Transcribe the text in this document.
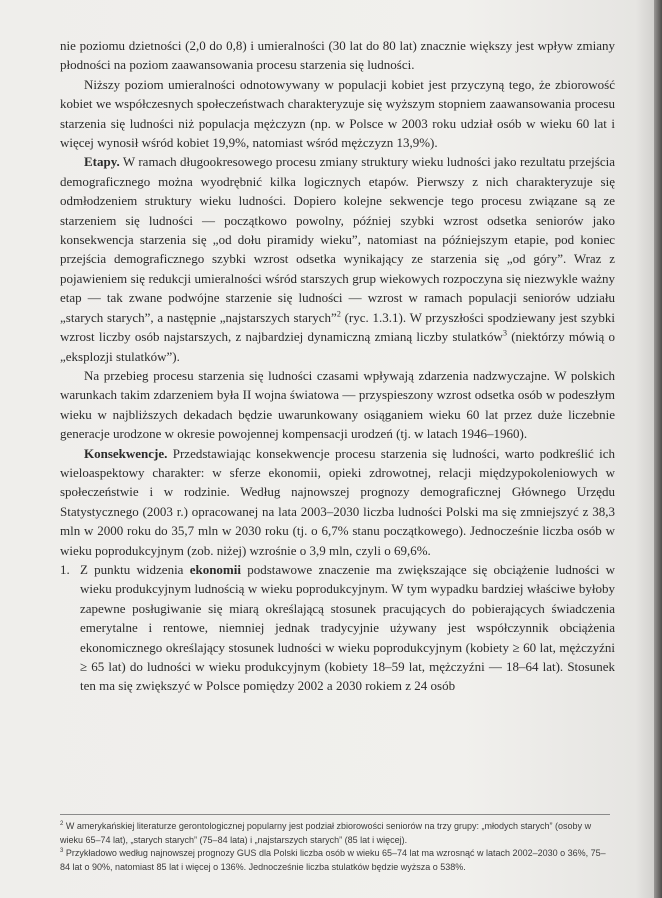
nie poziomu dzietności (2,0 do 0,8) i umieralności (30 lat do 80 lat) znacznie większy jest wpływ zmiany płodności na poziom zaawansowania procesu starzenia się ludności.

Niższy poziom umieralności odnotowywany w populacji kobiet jest przyczyną tego, że zbiorowość kobiet we współczesnych społeczeństwach charakteryzuje się wyższym stopniem zaawansowania procesu starzenia się ludności niż populacja mężczyzn (np. w Polsce w 2003 roku udział osób w wieku 60 lat i więcej wynosił wśród kobiet 19,9%, natomiast wśród mężczyzn 13,9%).

Etapy. W ramach długookresowego procesu zmiany struktury wieku ludności jako rezultatu przejścia demograficznego można wyodrębnić kilka logicznych etapów. Pierwszy z nich charakteryzuje się odmłodzeniem struktury wieku ludności. Dopiero kolejne sekwencje tego procesu związane są ze starzeniem się ludności — początkowo powolny, później szybki wzrost odsetka seniorów jako konsekwencja starzenia się „od dołu piramidy wieku”, natomiast na późniejszym etapie, pod koniec przejścia demograficznego szybki wzrost odsetka wynikający ze starzenia się „od góry”. Wraz z pojawieniem się redukcji umieralności wśród starszych grup wiekowych rozpoczyna się niezwykle ważny etap — tak zwane podwójne starzenie się ludności — wzrost w ramach populacji seniorów udziału „starych starych”, a następnie „najstarszych starych”$^2$ (ryc. 1.3.1). W przyszłości spodziewany jest szybki wzrost liczby osób najstarszych, z najbardziej dynamiczną zmianą liczby stulatków$^3$ (niektórzy mówią o „eksplozji stulatków”).

Na przebieg procesu starzenia się ludności czasami wpływają zdarzenia nadzwyczajne. W polskich warunkach takim zdarzeniem była II wojna światowa — przyspieszony wzrost odsetka osób w podeszłym wieku w najbliższych dekadach będzie uwarunkowany osiąganiem wieku 60 lat przez duże liczebnie generacje urodzone w okresie powojennej kompensacji urodzeń (tj. w latach 1946–1960).

Konsekwencje. Przedstawiając konsekwencje procesu starzenia się ludności, warto podkreślić ich wieloaspektowy charakter: w sferze ekonomii, opieki zdrowotnej, relacji międzypokoleniowych w społeczeństwie i w rodzinie. Według najnowszej prognozy demograficznej Głównego Urzędu Statystycznego (2003 r.) opracowanej na lata 2003–2030 liczba ludności Polski ma się zmniejszyć z 38,3 mln w 2000 roku do 35,7 mln w 2030 roku (tj. o 6,7% stanu początkowego). Jednocześnie liczba osób w wieku poprodukcyjnym (zob. niżej) wzrośnie o 3,9 mln, czyli o 69,6%.

1. Z punktu widzenia ekonomii podstawowe znaczenie ma zwiększające się obciążenie ludności w wieku produkcyjnym ludnością w wieku poprodukcyjnym. W tym wypadku bardziej właściwe byłoby zapewne posługiwanie się miarą określającą stosunek pracujących do pobierających świadczenia emerytalne i rentowe, niemniej jednak tradycyjnie używany jest współczynnik obciążenia ekonomicznego określający stosunek ludności w wieku poprodukcyjnym (kobiety ≥ 60 lat, mężczyźni ≥ 65 lat) do ludności w wieku produkcyjnym (kobiety 18–59 lat, mężczyźni — 18–64 lat). Stosunek ten ma się zwiększyć w Polsce pomiędzy 2002 a 2030 rokiem z 24 osób

$^2$ W amerykańskiej literaturze gerontologicznej popularny jest podział zbiorowości seniorów na trzy grupy: „młodych starych” (osoby w wieku 65–74 lat), „starych starych” (75–84 lata) i „najstarszych starych” (85 lat i więcej).

$^3$ Przykładowo według najnowszej prognozy GUS dla Polski liczba osób w wieku 65–74 lat ma wzrosnąć w latach 2002–2030 o 36%, 75–84 lat o 90%, natomiast 85 lat i więcej o 136%. Jednocześnie liczba stulatków będzie wyższa o 538%.
